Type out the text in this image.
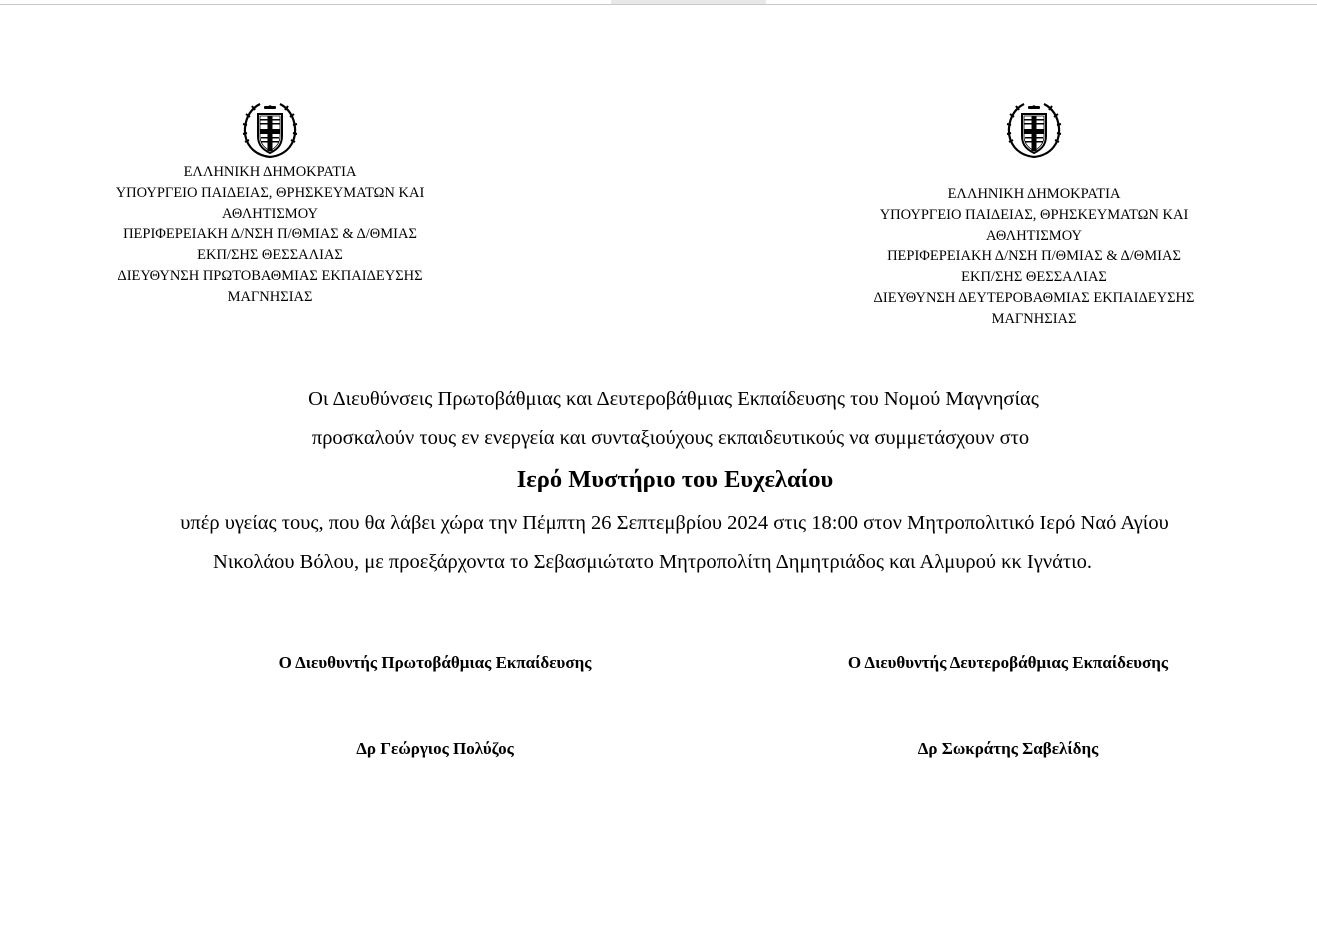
ΕΛΛΗΝΙΚΗ ΔΗΜΟΚΡΑΤΙΑ
ΥΠΟΥΡΓΕΙΟ ΠΑΙΔΕΙΑΣ, ΘΡΗΣΚΕΥΜΑΤΩΝ ΚΑΙ
ΑΘΛΗΤΙΣΜΟΥ
ΠΕΡΙΦΕΡΕΙΑΚΗ Δ/ΝΣΗ Π/ΘΜΙΑΣ & Δ/ΘΜΙΑΣ
ΕΚΠ/ΣΗΣ ΘΕΣΣΑΛΙΑΣ
ΔΙΕΥΘΥΝΣΗ ΠΡΩΤΟΒΑΘΜΙΑΣ ΕΚΠΑΙΔΕΥΣΗΣ
ΜΑΓΝΗΣΙΑΣ
ΕΛΛΗΝΙΚΗ ΔΗΜΟΚΡΑΤΙΑ
ΥΠΟΥΡΓΕΙΟ ΠΑΙΔΕΙΑΣ, ΘΡΗΣΚΕΥΜΑΤΩΝ ΚΑΙ
ΑΘΛΗΤΙΣΜΟΥ
ΠΕΡΙΦΕΡΕΙΑΚΗ Δ/ΝΣΗ Π/ΘΜΙΑΣ & Δ/ΘΜΙΑΣ
ΕΚΠ/ΣΗΣ ΘΕΣΣΑΛΙΑΣ
ΔΙΕΥΘΥΝΣΗ ΔΕΥΤΕΡΟΒΑΘΜΙΑΣ ΕΚΠΑΙΔΕΥΣΗΣ
ΜΑΓΝΗΣΙΑΣ
Οι Διευθύνσεις Πρωτοβάθμιας και Δευτεροβάθμιας Εκπαίδευσης του Νομού Μαγνησίας
προσκαλούν τους εν ενεργεία και συνταξιούχους εκπαιδευτικούς να συμμετάσχουν στο
Ιερό Μυστήριο του Ευχελαίου
υπέρ υγείας τους, που θα λάβει χώρα την Πέμπτη 26 Σεπτεμβρίου 2024 στις 18:00 στον Μητροπολιτικό Ιερό Ναό Αγίου
Νικολάου Βόλου, με προεξάρχοντα το Σεβασμιώτατο Μητροπολίτη Δημητριάδος και Αλμυρού κκ Ιγνάτιο.
Ο Διευθυντής Πρωτοβάθμιας Εκπαίδευσης	Ο Διευθυντής Δευτεροβάθμιας Εκπαίδευσης
Δρ Γεώργιος Πολύζος	Δρ Σωκράτης Σαβελίδης
